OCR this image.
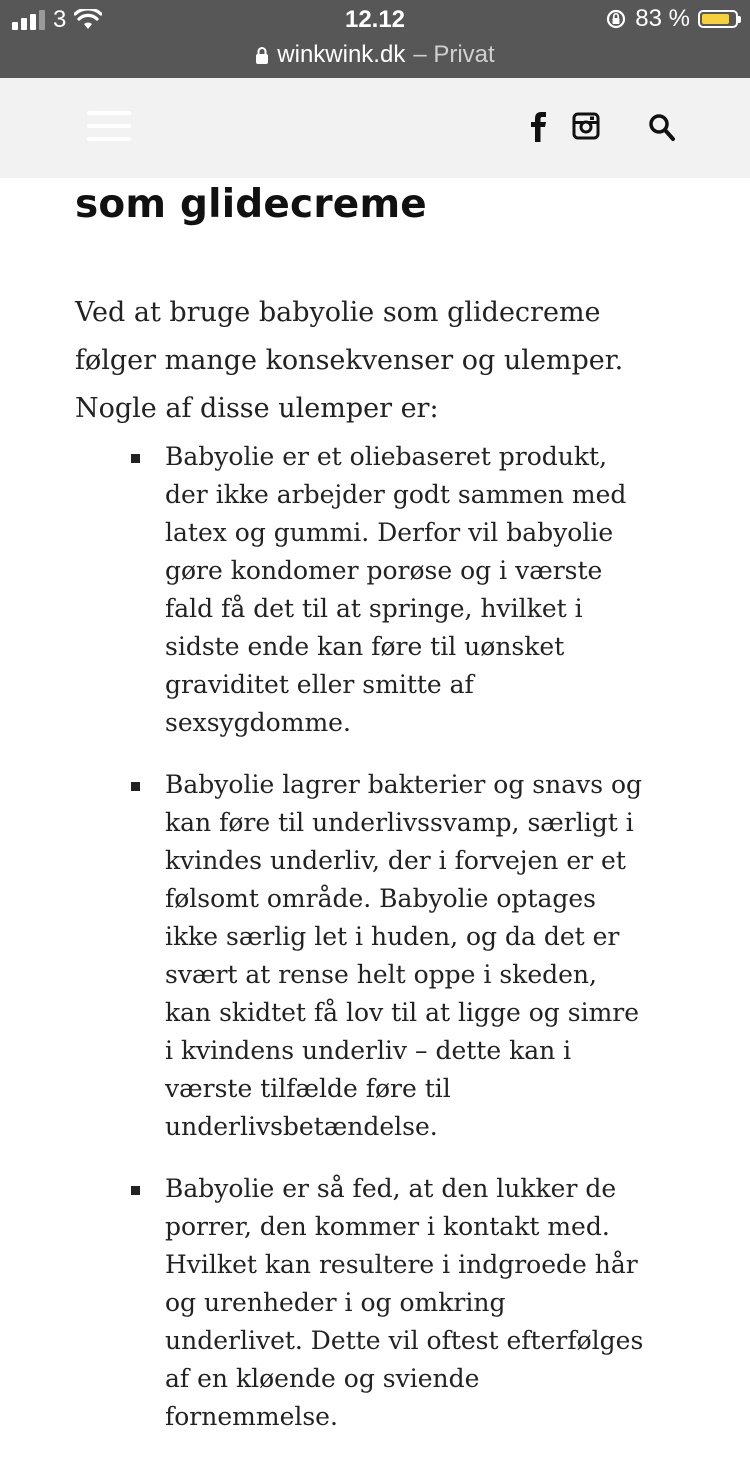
3	12.12	83 %
winkwink.dk – Privat
som glidecreme

Ved at bruge babyolie som glidecreme følger mange konsekvenser og ulemper. Nogle af disse ulemper er:

Babyolie er et oliebaseret produkt, der ikke arbejder godt sammen med latex og gummi. Derfor vil babyolie gøre kondomer porøse og i værste fald få det til at springe, hvilket i sidste ende kan føre til uønsket graviditet eller smitte af sexsygdomme.
Babyolie lagrer bakterier og snavs og kan føre til underlivssvamp, særligt i kvindes underliv, der i forvejen er et følsomt område. Babyolie optages ikke særlig let i huden, og da det er svært at rense helt oppe i skeden, kan skidtet få lov til at ligge og simre i kvindens underliv – dette kan i værste tilfælde føre til underlivsbetændelse.
Babyolie er så fed, at den lukker de porrer, den kommer i kontakt med. Hvilket kan resultere i indgroede hår og urenheder i og omkring underlivet. Dette vil oftest efterfølges af en kløende og sviende fornemmelse.
